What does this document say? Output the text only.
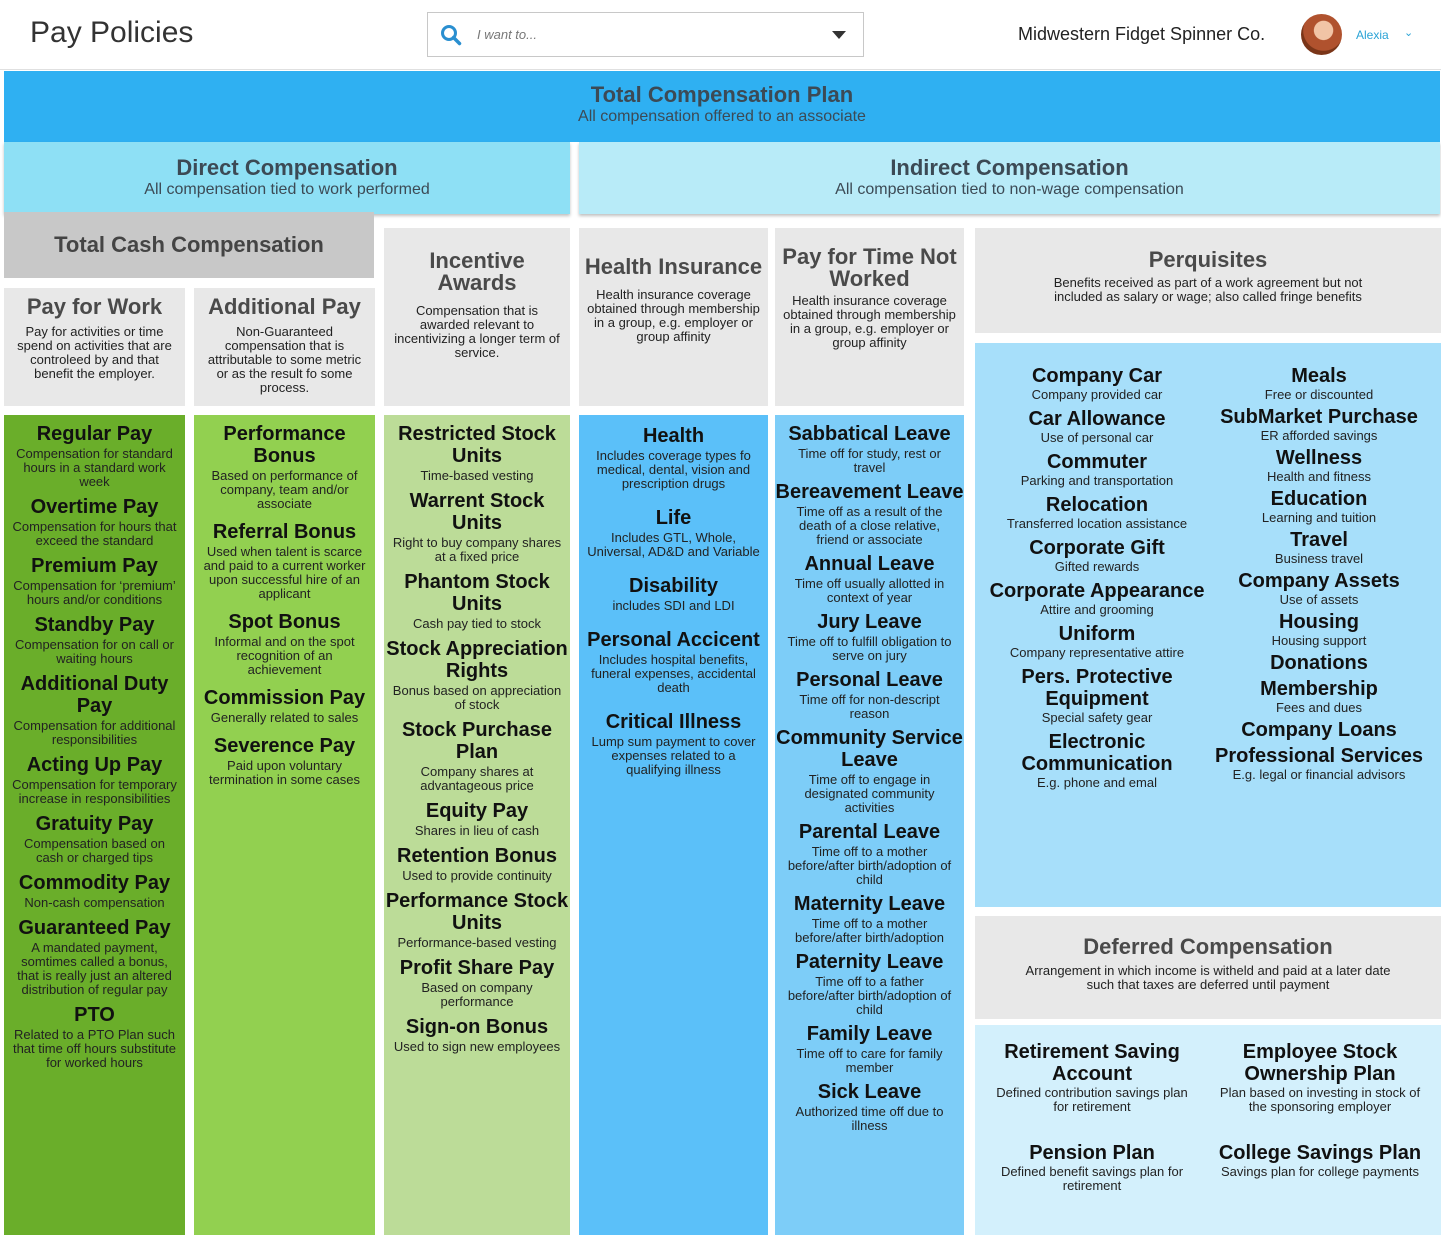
Pay Policies	I want to...	Midwestern Fidget Spinner Co.	Alexia ⌄
Total Compensation Plan
All compensation offered to an associate
Direct Compensation
All compensation tied to work performed
Indirect Compensation
All compensation tied to non-wage compensation
Total Cash Compensation
Pay for Work
Pay for activities or time spend on activities that are controleed by and that benefit the employer.
Additional Pay
Non-Guaranteed compensation that is attributable to some metric or as the result fo some process.
Incentive Awards
Compensation that is awarded relevant to incentivizing a longer term of service.
Health Insurance
Health insurance coverage obtained through membership in a group, e.g. employer or group affinity
Pay for Time Not Worked
Health insurance coverage obtained through membership in a group, e.g. employer or group affinity
Perquisites
Benefits received as part of a work agreement but not included as salary or wage; also called fringe benefits
Deferred Compensation
Arrangement in which income is witheld and paid at a later date such that taxes are deferred until payment
Regular Pay
Compensation for standard hours in a standard work week
Overtime Pay
Compensation for hours that exceed the standard
Premium Pay
Compensation for ‘premium’ hours and/or conditions
Standby Pay
Compensation for on call or waiting hours
Additional Duty Pay
Compensation for additional responsibilities
Acting Up Pay
Compensation for temporary increase in responsibilities
Gratuity Pay
Compensation based on cash or charged tips
Commodity Pay
Non-cash compensation
Guaranteed Pay
A mandated payment, somtimes called a bonus, that is really just an altered distribution of regular pay
PTO
Related to a PTO Plan such that time off hours substitute for worked hours
Performance Bonus
Based on performance of company, team and/or associate
Referral Bonus
Used when talent is scarce and paid to a current worker upon successful hire of an applicant
Spot Bonus
Informal and on the spot recognition of an achievement
Commission Pay
Generally related to sales
Severence Pay
Paid upon voluntary termination in some cases
Restricted Stock Units
Time-based vesting
Warrent Stock Units
Right to buy company shares at a fixed price
Phantom Stock Units
Cash pay tied to stock
Stock Appreciation Rights
Bonus based on appreciation of stock
Stock Purchase Plan
Company shares at advantageous price
Equity Pay
Shares in lieu of cash
Retention Bonus
Used to provide continuity
Performance Stock Units
Performance-based vesting
Profit Share Pay
Based on company performance
Sign-on Bonus
Used to sign new employees
Health
Includes coverage types fo medical, dental, vision and prescription drugs
Life
Includes GTL, Whole, Universal, AD&D and Variable
Disability
includes SDI and LDI
Personal Accicent
Includes hospital benefits, funeral expenses, accidental death
Critical Illness
Lump sum payment to cover expenses related to a qualifying illness
Sabbatical Leave
Time off for study, rest or travel
Bereavement Leave
Time off as a result of the death of a close relative, friend or associate
Annual Leave
Time off usually allotted in context of year
Jury Leave
Time off to fulfill obligation to serve on jury
Personal Leave
Time off for non-descript reason
Community Service Leave
Time off to engage in designated community activities
Parental Leave
Time off to a mother before/after birth/adoption of child
Maternity Leave
Time off to a mother before/after birth/adoption
Paternity Leave
Time off to a father before/after birth/adoption of child
Family Leave
Time off to care for family member
Sick Leave
Authorized time off due to illness
Company Car
Company provided car
Car Allowance
Use of personal car
Commuter
Parking and transportation
Relocation
Transferred location assistance
Corporate Gift
Gifted rewards
Corporate Appearance
Attire and grooming
Uniform
Company representative attire
Pers. Protective Equipment
Special safety gear
Electronic Communication
E.g. phone and emal
Meals
Free or discounted
SubMarket Purchase
ER afforded savings
Wellness
Health and fitness
Education
Learning and tuition
Travel
Business travel
Company Assets
Use of assets
Housing
Housing support
Donations
Membership
Fees and dues
Company Loans
Professional Services
E.g. legal or financial advisors
Retirement Saving Account
Defined contribution savings plan for retirement
Pension Plan
Defined benefit savings plan for retirement
Employee Stock Ownership Plan
Plan based on investing in stock of the sponsoring employer
College Savings Plan
Savings plan for college payments
